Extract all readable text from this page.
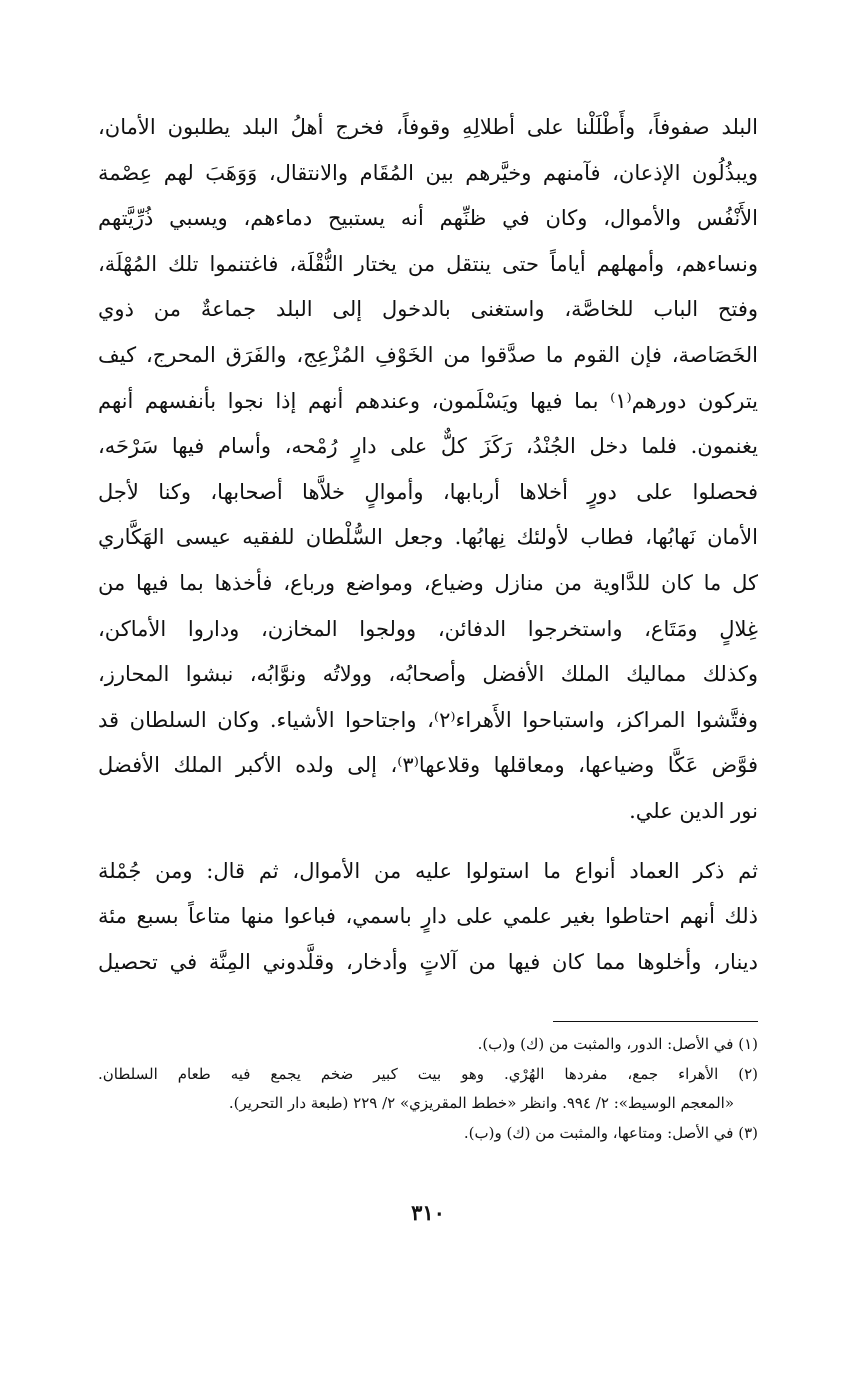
البلد صفوفاً، وأَطْلَلْنا على أطلالِهِ وقوفاً، فخرج أهلُ البلد يطلبون الأمان،
ويبذُلُون الإذعان، فآمنهم وخيَّرهم بين المُقَام والانتقال، وَوَهَبَ لهم عِصْمة
الأَنْفُس والأموال، وكان في ظنِّهم أنه يستبيح دماءهم، ويسبي ذُرِّيَّتهم
ونساءهم، وأمهلهم أياماً حتى ينتقل من يختار النُّقْلَة، فاغتنموا تلك المُهْلَة،
وفتح الباب للخاصَّة، واستغنى بالدخول إلى البلد جماعةٌ من ذوي
الخَصَاصة، فإن القوم ما صدَّقوا من الخَوْفِ المُزْعِج، والفَرَق المحرج، كيف
يتركون دورهم⁽١⁾ بما فيها ويَسْلَمون، وعندهم أنهم إذا نجوا بأنفسهم أنهم
يغنمون. فلما دخل الجُنْدُ، رَكَزَ كلٌّ على دارٍ رُمْحه، وأسام فيها سَرْحَه،
فحصلوا على دورٍ أخلاها أربابها، وأموالٍ خلاَّها أصحابها، وكنا لأجل
الأمان نَهابُها، فطاب لأولئك نِهابُها. وجعل السُّلْطان للفقيه عيسى الهَكَّاري
كل ما كان للدَّاوية من منازل وضياع، ومواضع ورباع، فأخذها بما فيها من
غِلالٍ ومَتَاع، واستخرجوا الدفائن، وولجوا المخازن، وداروا الأماكن،
وكذلك مماليك الملك الأفضل وأصحابُه، وولاتُه ونوَّابُه، نبشوا المحارز،
وفتَّشوا المراكز، واستباحوا الأَهراء⁽٢⁾، واجتاحوا الأشياء. وكان السلطان قد
فوَّض عَكَّا وضياعها، ومعاقلها وقلاعها⁽٣⁾، إلى ولده الأكبر الملك الأفضل
نور الدين علي.
ثم ذكر العماد أنواع ما استولوا عليه من الأموال، ثم قال: ومن جُمْلة
ذلك أنهم احتاطوا بغير علمي على دارٍ باسمي، فباعوا منها متاعاً بسبع مئة
دينار، وأخلوها مما كان فيها من آلاتٍ وأدخار، وقلَّدوني المِنَّة في تحصيل
(١) في الأصل: الدور، والمثبت من (ك) و(ب).
(٢) الأهراء جمع، مفردها الهُرْي. وهو بيت كبير ضخم يجمع فيه طعام السلطان.
«المعجم الوسيط»: ٢/ ٩٩٤. وانظر «خطط المقريزي» ٢/ ٢٢٩ (طبعة دار التحرير).
(٣) في الأصل: ومتاعها، والمثبت من (ك) و(ب).
٣١٠
